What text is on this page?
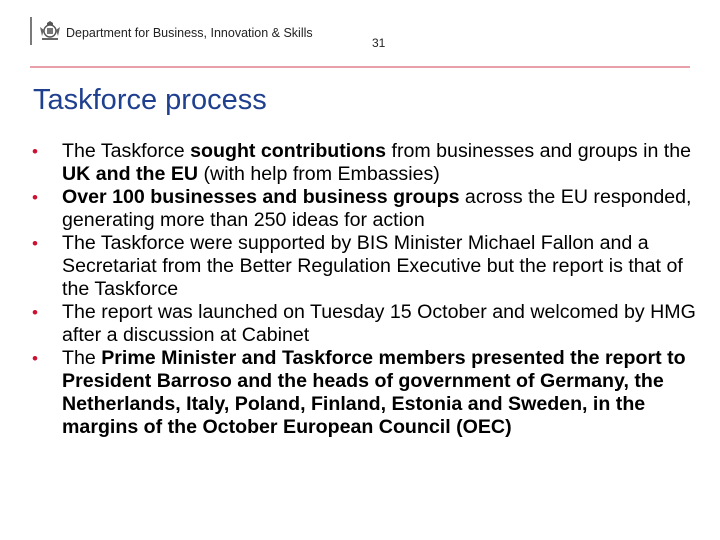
Department for Business, Innovation & Skills
31
Taskforce process
• The Taskforce sought contributions from businesses and groups in the UK and the EU (with help from Embassies)
• Over 100 businesses and business groups across the EU responded, generating more than 250 ideas for action
• The Taskforce were supported by BIS Minister Michael Fallon and a Secretariat from the Better Regulation Executive but the report is that of the Taskforce
• The report was launched on Tuesday 15 October and welcomed by HMG after a discussion at Cabinet
• The Prime Minister and Taskforce members presented the report to President Barroso and the heads of government of Germany, the Netherlands, Italy, Poland, Finland, Estonia and Sweden, in the margins of the October European Council (OEC)
